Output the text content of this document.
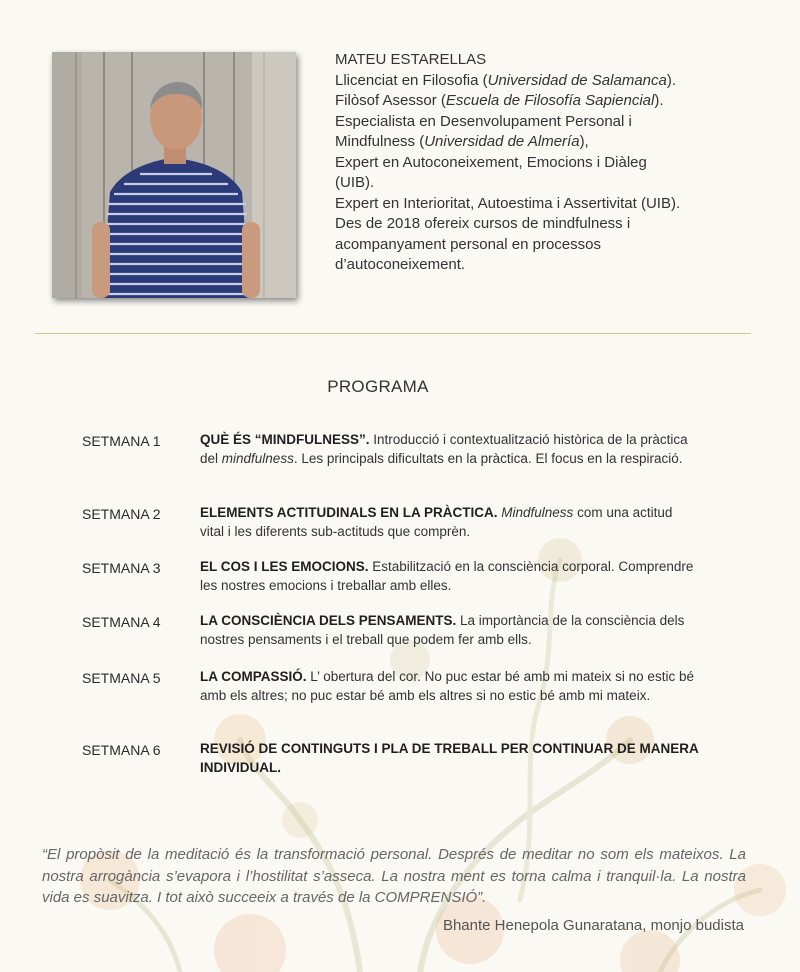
MATEU ESTARELLAS
Llicenciat en Filosofia (Universidad de Salamanca).
Filòsof Asessor (Escuela de Filosofía Sapiencial).
Especialista en Desenvolupament Personal i
Mindfulness (Universidad de Almería),
Expert en Autoconeixement, Emocions i Diàleg
(UIB).
Expert en Interioritat, Autoestima i Assertivitat (UIB).
Des de 2018 ofereix cursos de mindfulness i
acompanyament personal en processos
d’autoconeixement.
PROGRAMA
SETMANA 1	QUÈ ÉS “MINDFULNESS”. Introducció i contextualització històrica de la pràctica del mindfulness. Les principals dificultats en la pràctica. El focus en la respiració.
SETMANA 2	ELEMENTS ACTITUDINALS EN LA PRÀCTICA. Mindfulness com una actitud vital i les diferents sub-actituds que comprèn.
SETMANA 3	EL COS I LES EMOCIONS. Estabilització en la consciència corporal. Comprendre les nostres emocions i treballar amb elles.
SETMANA 4	LA CONSCIÈNCIA DELS PENSAMENTS. La importància de la consciència dels nostres pensaments i el treball que podem fer amb ells.
SETMANA 5	LA COMPASSIÓ. L’ obertura del cor. No puc estar bé amb mi mateix si no estic bé amb els altres; no puc estar bé amb els altres si no estic bé amb mi mateix.
SETMANA 6	REVISIÓ DE CONTINGUTS I PLA DE TREBALL PER CONTINUAR DE MANERA INDIVIDUAL.
“El propòsit de la meditació és la transformació personal. Després de meditar no som els mateixos. La nostra arrogància s’evapora i l’hostilitat s’asseca. La nostra ment es torna calma i tranquil·la. La nostra vida es suavitza. I tot això succeeix a través de la COMPRENSIÓ”.
Bhante Henepola Gunaratana, monjo budista
